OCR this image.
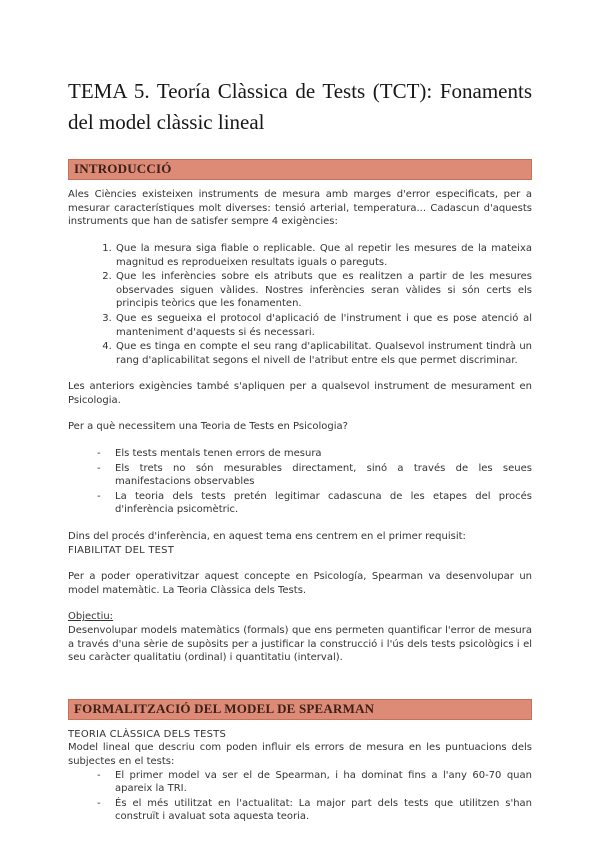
TEMA 5. Teoría Clàssica de Tests (TCT): Fonaments del model clàssic lineal
INTRODUCCIÓ

Ales Ciències existeixen instruments de mesura amb marges d'error especificats, per a mesurar característiques molt diverses: tensió arterial, temperatura... Cadascun d'aquests instruments que han de satisfer sempre 4 exigències:

1. Que la mesura siga fiable o replicable. Que al repetir les mesures de la mateixa magnitud es reprodueixen resultats iguals o pareguts.
2. Que les inferències sobre els atributs que es realitzen a partir de les mesures observades siguen vàlides. Nostres inferències seran vàlides si són certs els principis teòrics que les fonamenten.
3. Que es segueixa el protocol d'aplicació de l'instrument i que es pose atenció al manteniment d'aquests si és necessari.
4. Que es tinga en compte el seu rang d'aplicabilitat. Qualsevol instrument tindrà un rang d'aplicabilitat segons el nivell de l'atribut entre els que permet discriminar.

Les anteriors exigències també s'apliquen per a qualsevol instrument de mesurament en Psicologia.

Per a què necessitem una Teoria de Tests en Psicologia?

- Els tests mentals tenen errors de mesura
- Els trets no són mesurables directament, sinó a través de les seues manifestacions observables
- La teoria dels tests pretén legitimar cadascuna de les etapes del procés d'inferència psicomètric.

Dins del procés d'inferència, en aquest tema ens centrem en el primer requisit:

FIABILITAT DEL TEST

Per a poder operativitzar aquest concepte en Psicología, Spearman va desenvolupar un model matemàtic. La Teoria Clàssica dels Tests.

Objectiu:

Desenvolupar models matemàtics (formals) que ens permeten quantificar l'error de mesura a través d'una sèrie de supòsits per a justificar la construcció i l'ús dels tests psicològics i el seu caràcter qualitatiu (ordinal) i quantitatiu (interval).

FORMALITZACIÓ DEL MODEL DE SPEARMAN

TEORIA CLÀSSICA DELS TESTS

Model lineal que descriu com poden influir els errors de mesura en les puntuacions dels subjectes en el tests:

- El primer model va ser el de Spearman, i ha dominat fins a l'any 60-70 quan apareix la TRI.
- És el més utilitzat en l'actualitat: La major part dels tests que utilitzen s'han construït i avaluat sota aquesta teoria.
